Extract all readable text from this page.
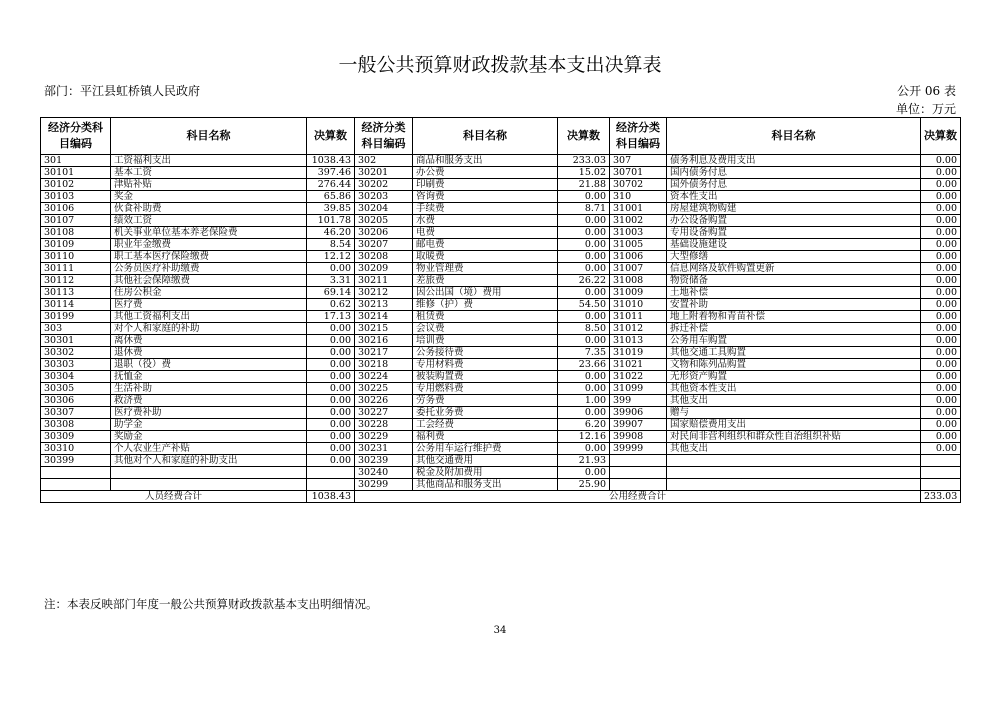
一般公共预算财政拨款基本支出决算表
部门：平江县虹桥镇人民政府	公开 06 表
单位：万元
经济分类科目编码	科目名称	决算数	经济分类科目编码	科目名称	决算数	经济分类科目编码	科目名称	决算数
301	工资福利支出	1038.43	302	商品和服务支出	233.03	307	债务利息及费用支出	0.00
30101	基本工资	397.46	30201	办公费	15.02	30701	国内债务付息	0.00
30102	津贴补贴	276.44	30202	印刷费	21.88	30702	国外债务付息	0.00
30103	奖金	65.86	30203	咨询费	0.00	310	资本性支出	0.00
30106	伙食补助费	39.85	30204	手续费	8.71	31001	房屋建筑物购建	0.00
30107	绩效工资	101.78	30205	水费	0.00	31002	办公设备购置	0.00
30108	机关事业单位基本养老保险费	46.20	30206	电费	0.00	31003	专用设备购置	0.00
30109	职业年金缴费	8.54	30207	邮电费	0.00	31005	基础设施建设	0.00
30110	职工基本医疗保险缴费	12.12	30208	取暖费	0.00	31006	大型修缮	0.00
30111	公务员医疗补助缴费	0.00	30209	物业管理费	0.00	31007	信息网络及软件购置更新	0.00
30112	其他社会保障缴费	3.31	30211	差旅费	26.22	31008	物资储备	0.00
30113	住房公积金	69.14	30212	因公出国（境）费用	0.00	31009	土地补偿	0.00
30114	医疗费	0.62	30213	维修（护）费	54.50	31010	安置补助	0.00
30199	其他工资福利支出	17.13	30214	租赁费	0.00	31011	地上附着物和青苗补偿	0.00
303	对个人和家庭的补助	0.00	30215	会议费	8.50	31012	拆迁补偿	0.00
30301	离休费	0.00	30216	培训费	0.00	31013	公务用车购置	0.00
30302	退休费	0.00	30217	公务接待费	7.35	31019	其他交通工具购置	0.00
30303	退职（役）费	0.00	30218	专用材料费	23.66	31021	文物和陈列品购置	0.00
30304	抚恤金	0.00	30224	被装购置费	0.00	31022	无形资产购置	0.00
30305	生活补助	0.00	30225	专用燃料费	0.00	31099	其他资本性支出	0.00
30306	救济费	0.00	30226	劳务费	1.00	399	其他支出	0.00
30307	医疗费补助	0.00	30227	委托业务费	0.00	39906	赠与	0.00
30308	助学金	0.00	30228	工会经费	6.20	39907	国家赔偿费用支出	0.00
30309	奖励金	0.00	30229	福利费	12.16	39908	对民间非营利组织和群众性自治组织补贴	0.00
30310	个人农业生产补贴	0.00	30231	公务用车运行维护费	0.00	39999	其他支出	0.00
30399	其他对个人和家庭的补助支出	0.00	30239	其他交通费用	21.93			
			30240	税金及附加费用	0.00			
			30299	其他商品和服务支出	25.90			
人员经费合计		1038.43	公用经费合计					233.03
注：本表反映部门年度一般公共预算财政拨款基本支出明细情况。
34
